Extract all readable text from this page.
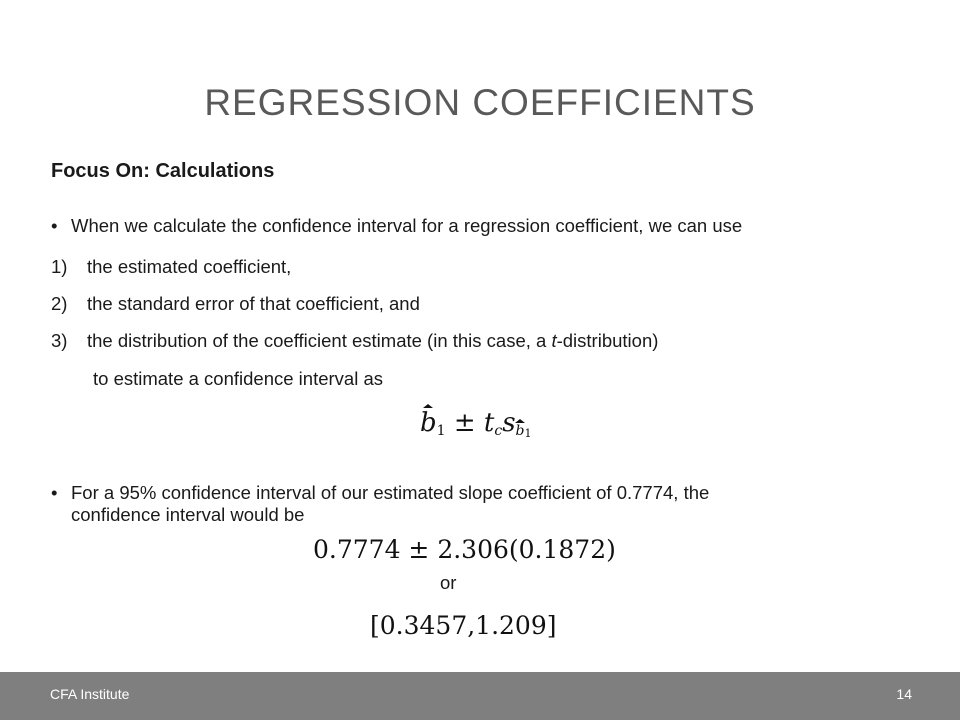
REGRESSION COEFFICIENTS
Focus On: Calculations
• When we calculate the confidence interval for a regression coefficient, we can use
1) the estimated coefficient,
2) the standard error of that coefficient, and
3) the distribution of the coefficient estimate (in this case, a t-distribution)
to estimate a confidence interval as
$b_1 \pm t_cs_{b1}$
• For a 95% confidence interval of our estimated slope coefficient of 0.7774, the
confidence interval would be
0.7774 ± 2.306(0.1872)
or
[0.3457,1.209]
CFA Institute	14
